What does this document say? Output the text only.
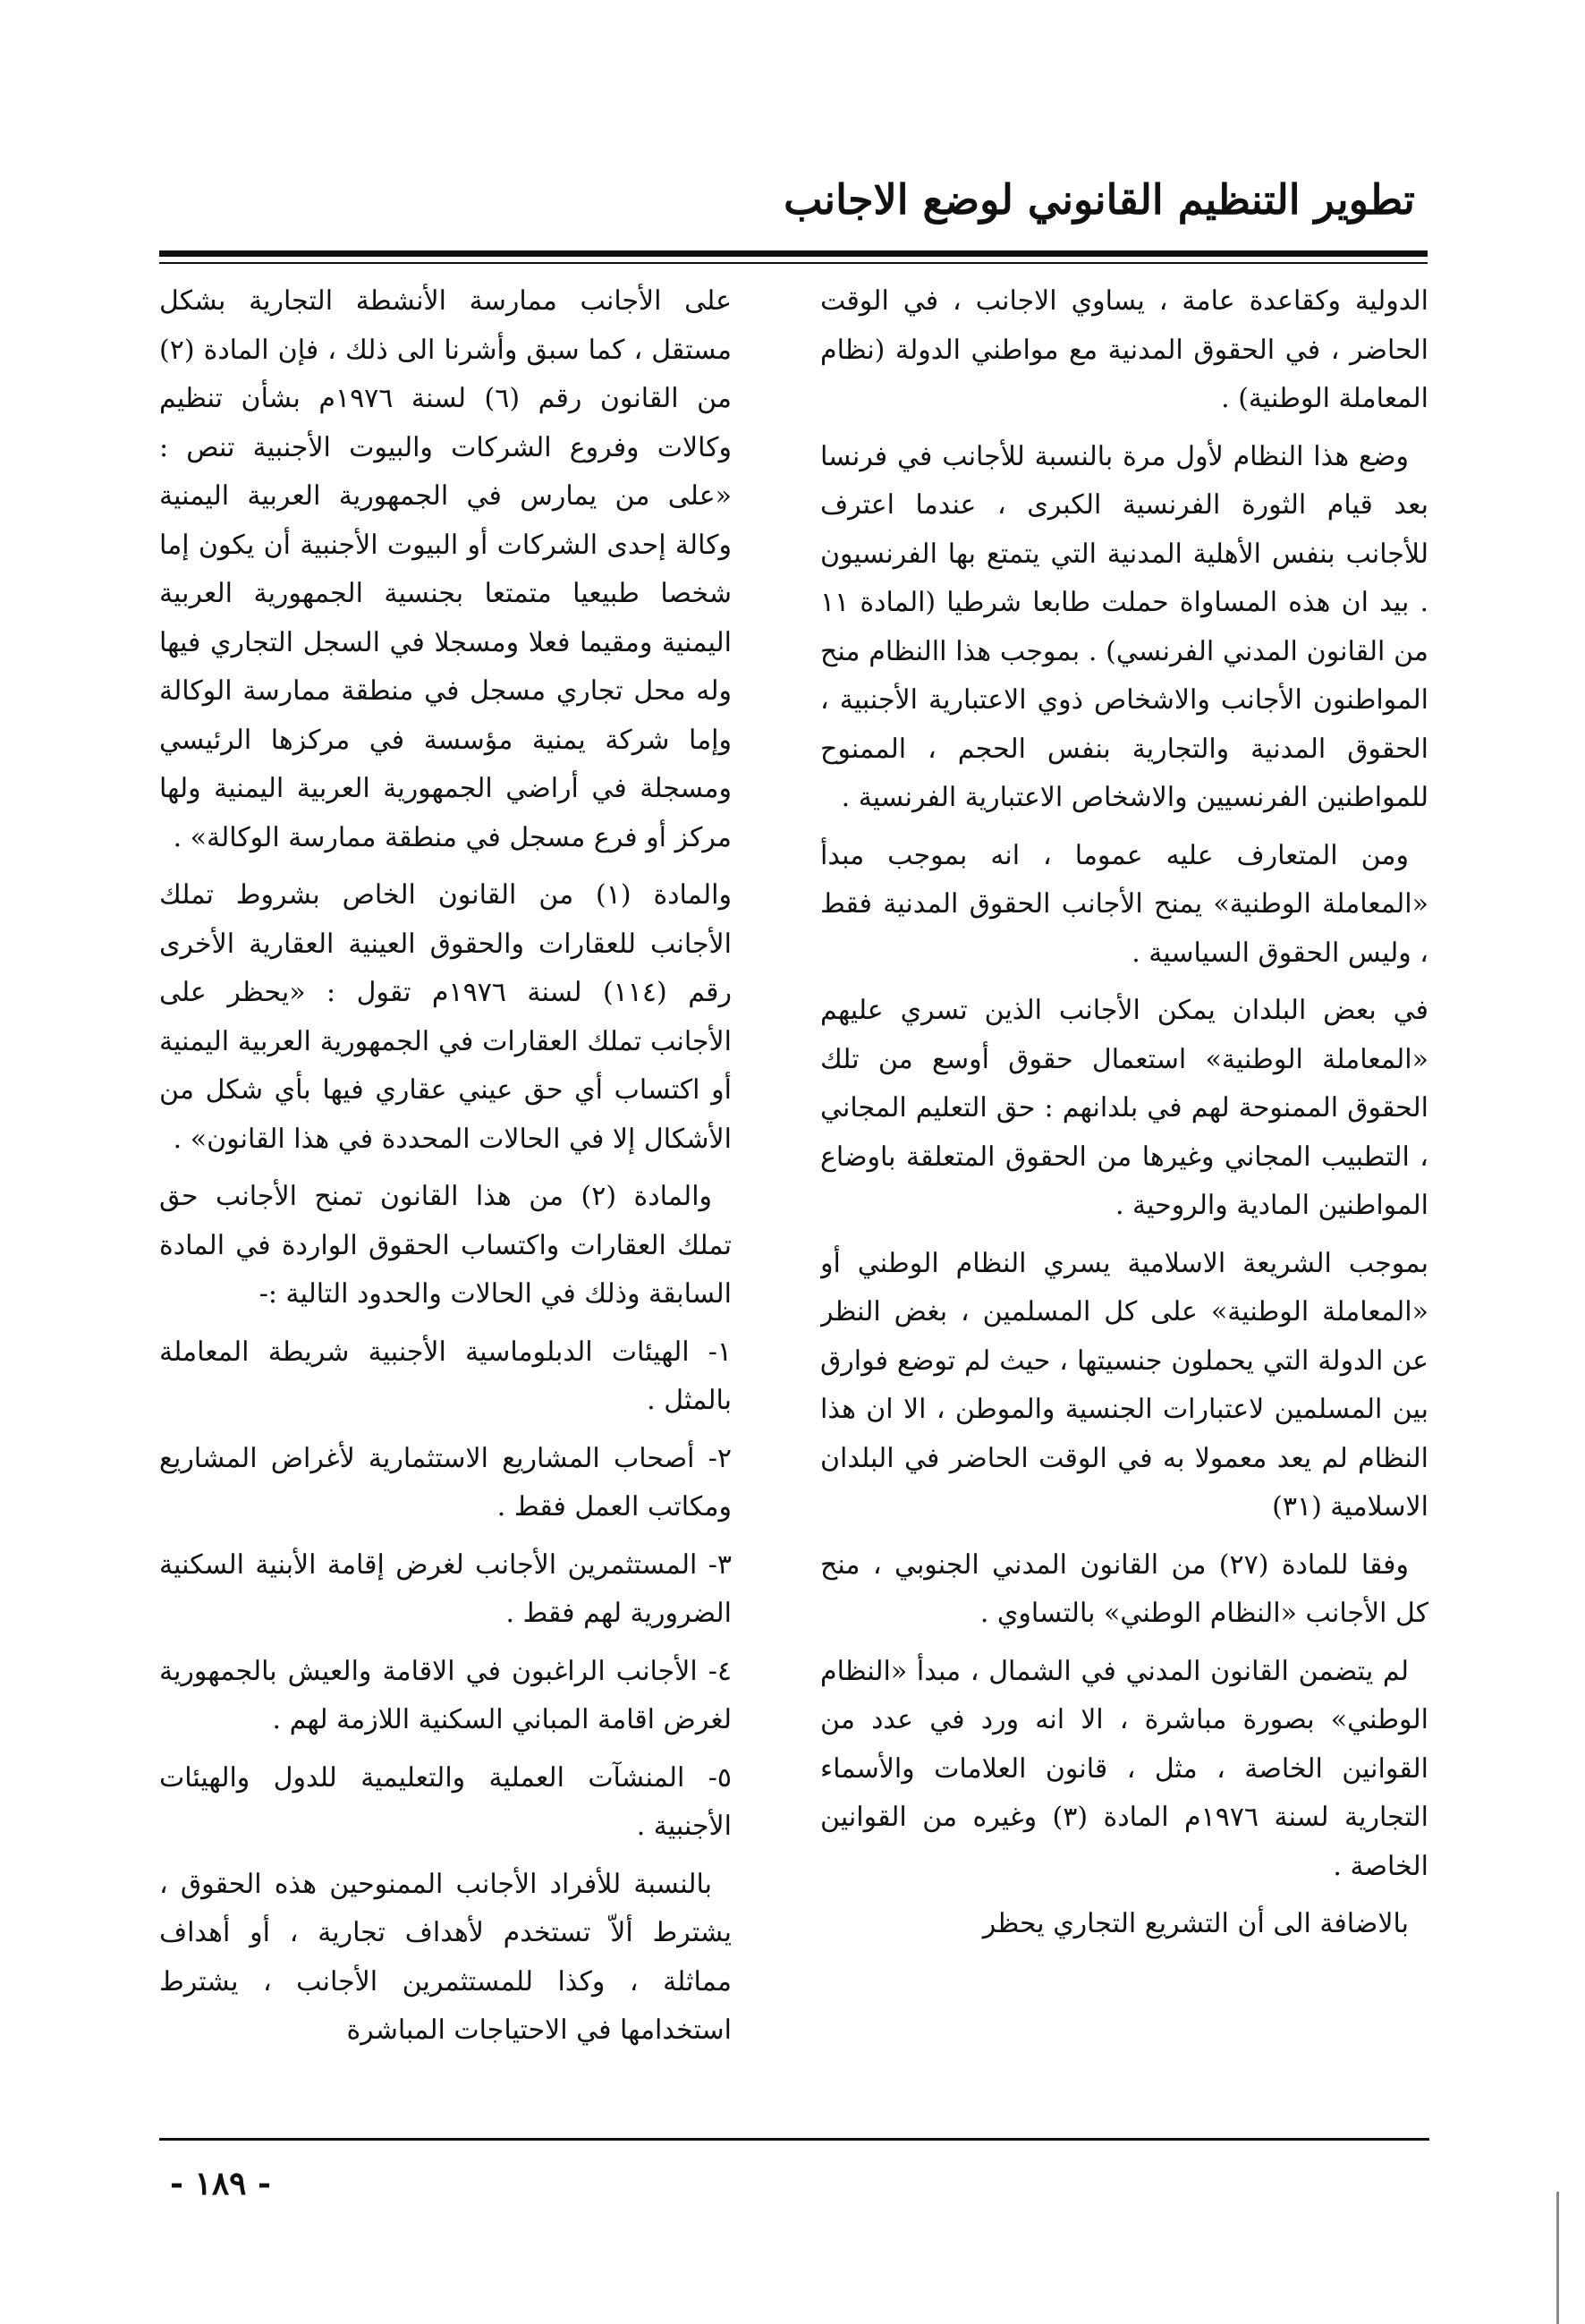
تطوير التنظيم القانوني لوضع الاجانب

الدولية وكقاعدة عامة ، يساوي الاجانب ، في الوقت الحاضر ، في الحقوق المدنية مع مواطني الدولة (نظام المعاملة الوطنية) .

وضع هذا النظام لأول مرة بالنسبة للأجانب في فرنسا بعد قيام الثورة الفرنسية الكبرى ، عندما اعترف للأجانب بنفس الأهلية المدنية التي يتمتع بها الفرنسيون . بيد ان هذه المساواة حملت طابعا شرطيا (المادة ١١ من القانون المدني الفرنسي) . بموجب هذا االنظام منح المواطنون الأجانب والاشخاص ذوي الاعتبارية الأجنبية ، الحقوق المدنية والتجارية بنفس الحجم ، الممنوح للمواطنين الفرنسيين والاشخاص الاعتبارية الفرنسية .

ومن المتعارف عليه عموما ، انه بموجب مبدأ «المعاملة الوطنية» يمنح الأجانب الحقوق المدنية فقط ، وليس الحقوق السياسية .

في بعض البلدان يمكن الأجانب الذين تسري عليهم «المعاملة الوطنية» استعمال حقوق أوسع من تلك الحقوق الممنوحة لهم في بلدانهم : حق التعليم المجاني ، التطبيب المجاني وغيرها من الحقوق المتعلقة باوضاع المواطنين المادية والروحية .

بموجب الشريعة الاسلامية يسري النظام الوطني أو «المعاملة الوطنية» على كل المسلمين ، بغض النظر عن الدولة التي يحملون جنسيتها ، حيث لم توضع فوارق بين المسلمين لاعتبارات الجنسية والموطن ، الا ان هذا النظام لم يعد معمولا به في الوقت الحاضر في البلدان الاسلامية (٣١)

وفقا للمادة (٢٧) من القانون المدني الجنوبي ، منح كل الأجانب «النظام الوطني» بالتساوي .

لم يتضمن القانون المدني في الشمال ، مبدأ «النظام الوطني» بصورة مباشرة ، الا انه ورد في عدد من القوانين الخاصة ، مثل ، قانون العلامات والأسماء التجارية لسنة ١٩٧٦م المادة (٣) وغيره من القوانين الخاصة .

بالاضافة الى أن التشريع التجاري يحظر

على الأجانب ممارسة الأنشطة التجارية بشكل مستقل ، كما سبق وأشرنا الى ذلك ، فإن المادة (٢) من القانون رقم (٦) لسنة ١٩٧٦م بشأن تنظيم وكالات وفروع الشركات والبيوت الأجنبية تنص : «على من يمارس في الجمهورية العربية اليمنية وكالة إحدى الشركات أو البيوت الأجنبية أن يكون إما شخصا طبيعيا متمتعا بجنسية الجمهورية العربية اليمنية ومقيما فعلا ومسجلا في السجل التجاري فيها وله محل تجاري مسجل في منطقة ممارسة الوكالة وإما شركة يمنية مؤسسة في مركزها الرئيسي ومسجلة في أراضي الجمهورية العربية اليمنية ولها مركز أو فرع مسجل في منطقة ممارسة الوكالة» .

والمادة (١) من القانون الخاص بشروط تملك الأجانب للعقارات والحقوق العينية العقارية الأخرى رقم (١١٤) لسنة ١٩٧٦م تقول : «يحظر على الأجانب تملك العقارات في الجمهورية العربية اليمنية أو اكتساب أي حق عيني عقاري فيها بأي شكل من الأشكال إلا في الحالات المحددة في هذا القانون» .

والمادة (٢) من هذا القانون تمنح الأجانب حق تملك العقارات واكتساب الحقوق الواردة في المادة السابقة وذلك في الحالات والحدود التالية :-

١- الهيئات الدبلوماسية الأجنبية شريطة المعاملة بالمثل .

٢- أصحاب المشاريع الاستثمارية لأغراض المشاريع ومكاتب العمل فقط .

٣- المستثمرين الأجانب لغرض إقامة الأبنية السكنية الضرورية لهم فقط .

٤- الأجانب الراغبون في الاقامة والعيش بالجمهورية لغرض اقامة المباني السكنية اللازمة لهم .

٥- المنشآت العملية والتعليمية للدول والهيئات الأجنبية .

بالنسبة للأفراد الأجانب الممنوحين هذه الحقوق ، يشترط ألاّ تستخدم لأهداف تجارية ، أو أهداف مماثلة ، وكذا للمستثمرين الأجانب ، يشترط استخدامها في الاحتياجات المباشرة

- ١٨٩ -
